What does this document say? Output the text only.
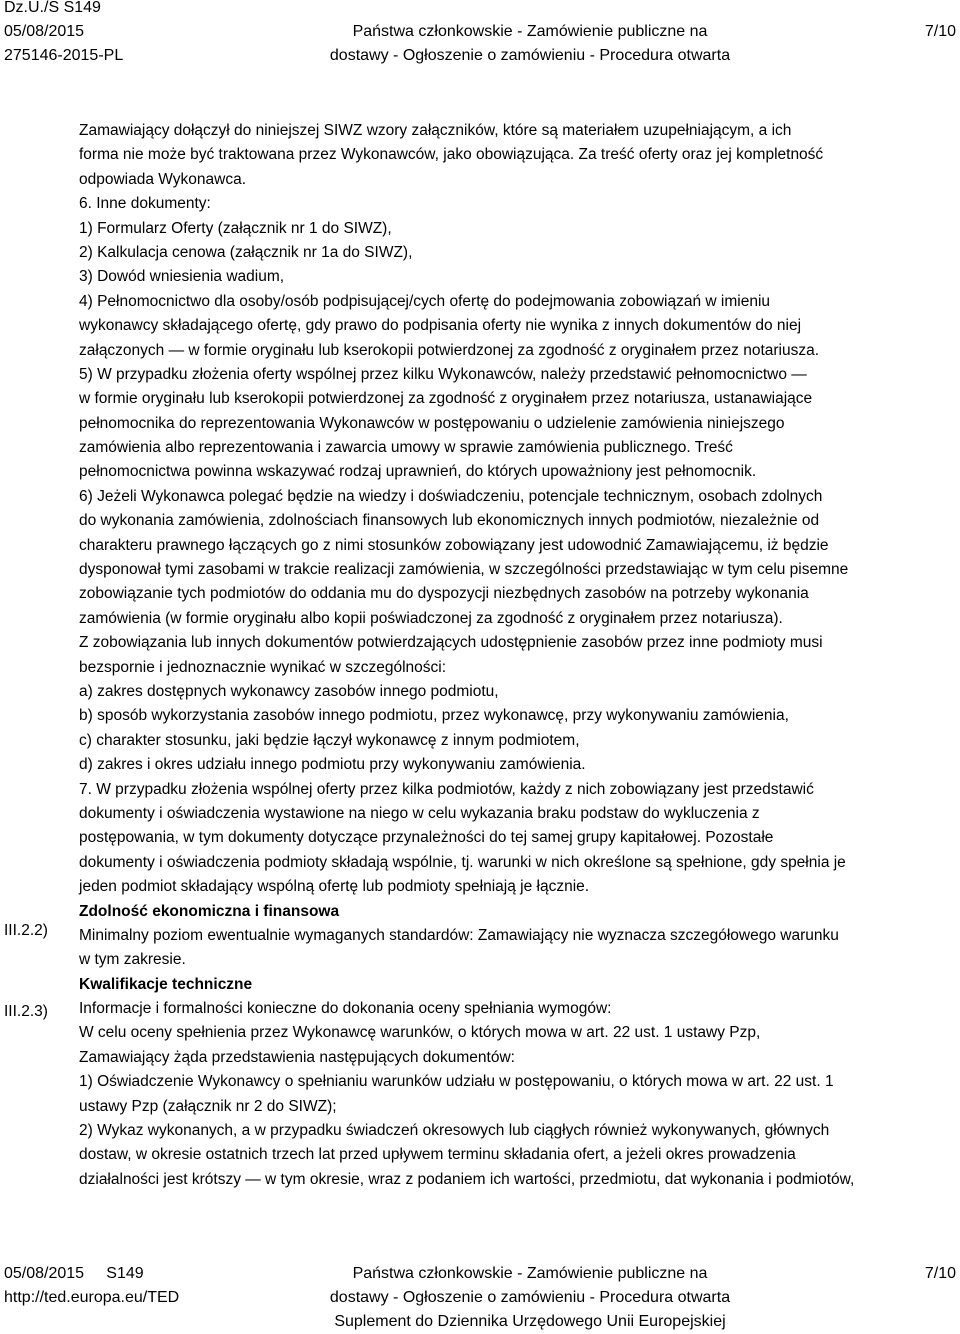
Dz.U./S S149
05/08/2015
275146-2015-PL
Państwa członkowskie - Zamówienie publiczne na
dostawy - Ogłoszenie o zamówieniu - Procedura otwarta
7/10
III.2.2)
III.2.3)
Zamawiający dołączył do niniejszej SIWZ wzory załączników, które są materiałem uzupełniającym, a ich
forma nie może być traktowana przez Wykonawców, jako obowiązująca. Za treść oferty oraz jej kompletność
odpowiada Wykonawca.
6. Inne dokumenty:
1) Formularz Oferty (załącznik nr 1 do SIWZ),
2) Kalkulacja cenowa (załącznik nr 1a do SIWZ),
3) Dowód wniesienia wadium,
4) Pełnomocnictwo dla osoby/osób podpisującej/cych ofertę do podejmowania zobowiązań w imieniu
wykonawcy składającego ofertę, gdy prawo do podpisania oferty nie wynika z innych dokumentów do niej
załączonych — w formie oryginału lub kserokopii potwierdzonej za zgodność z oryginałem przez notariusza.
5) W przypadku złożenia oferty wspólnej przez kilku Wykonawców, należy przedstawić pełnomocnictwo —
w formie oryginału lub kserokopii potwierdzonej za zgodność z oryginałem przez notariusza, ustanawiające
pełnomocnika do reprezentowania Wykonawców w postępowaniu o udzielenie zamówienia niniejszego
zamówienia albo reprezentowania i zawarcia umowy w sprawie zamówienia publicznego. Treść
pełnomocnictwa powinna wskazywać rodzaj uprawnień, do których upoważniony jest pełnomocnik.
6) Jeżeli Wykonawca polegać będzie na wiedzy i doświadczeniu, potencjale technicznym, osobach zdolnych
do wykonania zamówienia, zdolnościach finansowych lub ekonomicznych innych podmiotów, niezależnie od
charakteru prawnego łączących go z nimi stosunków zobowiązany jest udowodnić Zamawiającemu, iż będzie
dysponował tymi zasobami w trakcie realizacji zamówienia, w szczególności przedstawiając w tym celu pisemne
zobowiązanie tych podmiotów do oddania mu do dyspozycji niezbędnych zasobów na potrzeby wykonania
zamówienia (w formie oryginału albo kopii poświadczonej za zgodność z oryginałem przez notariusza).
Z zobowiązania lub innych dokumentów potwierdzających udostępnienie zasobów przez inne podmioty musi
bezspornie i jednoznacznie wynikać w szczególności:
a) zakres dostępnych wykonawcy zasobów innego podmiotu,
b) sposób wykorzystania zasobów innego podmiotu, przez wykonawcę, przy wykonywaniu zamówienia,
c) charakter stosunku, jaki będzie łączył wykonawcę z innym podmiotem,
d) zakres i okres udziału innego podmiotu przy wykonywaniu zamówienia.
7. W przypadku złożenia wspólnej oferty przez kilka podmiotów, każdy z nich zobowiązany jest przedstawić
dokumenty i oświadczenia wystawione na niego w celu wykazania braku podstaw do wykluczenia z
postępowania, w tym dokumenty dotyczące przynależności do tej samej grupy kapitałowej. Pozostałe
dokumenty i oświadczenia podmioty składają wspólnie, tj. warunki w nich określone są spełnione, gdy spełnia je
jeden podmiot składający wspólną ofertę lub podmioty spełniają je łącznie.
Zdolność ekonomiczna i finansowa
Minimalny poziom ewentualnie wymaganych standardów: Zamawiający nie wyznacza szczegółowego warunku
w tym zakresie.
Kwalifikacje techniczne
Informacje i formalności konieczne do dokonania oceny spełniania wymogów:
W celu oceny spełnienia przez Wykonawcę warunków, o których mowa w art. 22 ust. 1 ustawy Pzp,
Zamawiający żąda przedstawienia następujących dokumentów:
1) Oświadczenie Wykonawcy o spełnianiu warunków udziału w postępowaniu, o których mowa w art. 22 ust. 1
ustawy Pzp (załącznik nr 2 do SIWZ);
2) Wykaz wykonanych, a w przypadku świadczeń okresowych lub ciągłych również wykonywanych, głównych
dostaw, w okresie ostatnich trzech lat przed upływem terminu składania ofert, a jeżeli okres prowadzenia
działalności jest krótszy — w tym okresie, wraz z podaniem ich wartości, przedmiotu, dat wykonania i podmiotów,
05/08/2015     S149
http://ted.europa.eu/TED
Państwa członkowskie - Zamówienie publiczne na
dostawy - Ogłoszenie o zamówieniu - Procedura otwarta
Suplement do Dziennika Urzędowego Unii Europejskiej
7/10
